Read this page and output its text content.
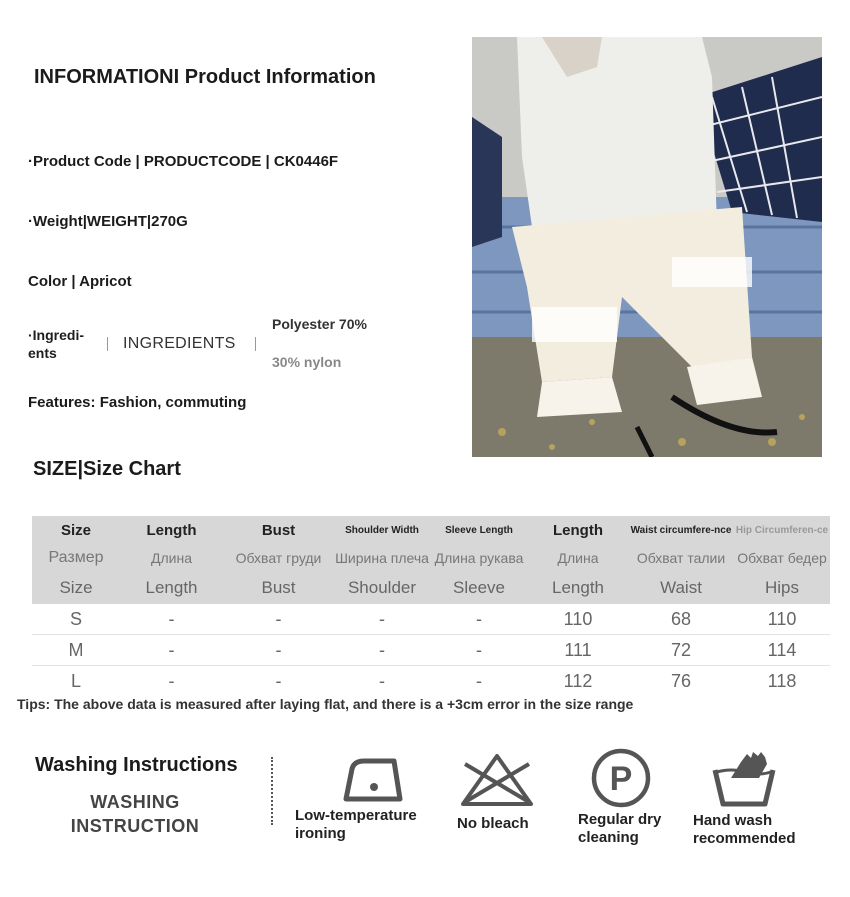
INFORMATIONI Product Information
·Product Code | PRODUCTCODE | CK0446F
·Weight|WEIGHT|270G
Color | Apricot
·Ingredi-ents
INGREDIENTS
Polyester 70%
30% nylon
Features: Fashion, commuting
SIZE|Size Chart
Size	Length	Bust	Shoulder Width	Sleeve Length	Length	Waist circumfere-nce	Hip Circumferen-ce
Размер	Длина	Обхват груди	Ширина плеча	Длина рукава	Длина	Обхват талии	Обхват бедер
Size	Length	Bust	Shoulder	Sleeve	Length	Waist	Hips
S	-	-	-	-	110	68	110
M	-	-	-	-	111	72	114
L	-	-	-	-	112	76	118
Tips: The above data is measured after laying flat, and there is a +3cm error in the size range
Washing Instructions
WASHING INSTRUCTION
Low-temperature ironing
No bleach
P
Regular dry cleaning
Hand wash recommended
